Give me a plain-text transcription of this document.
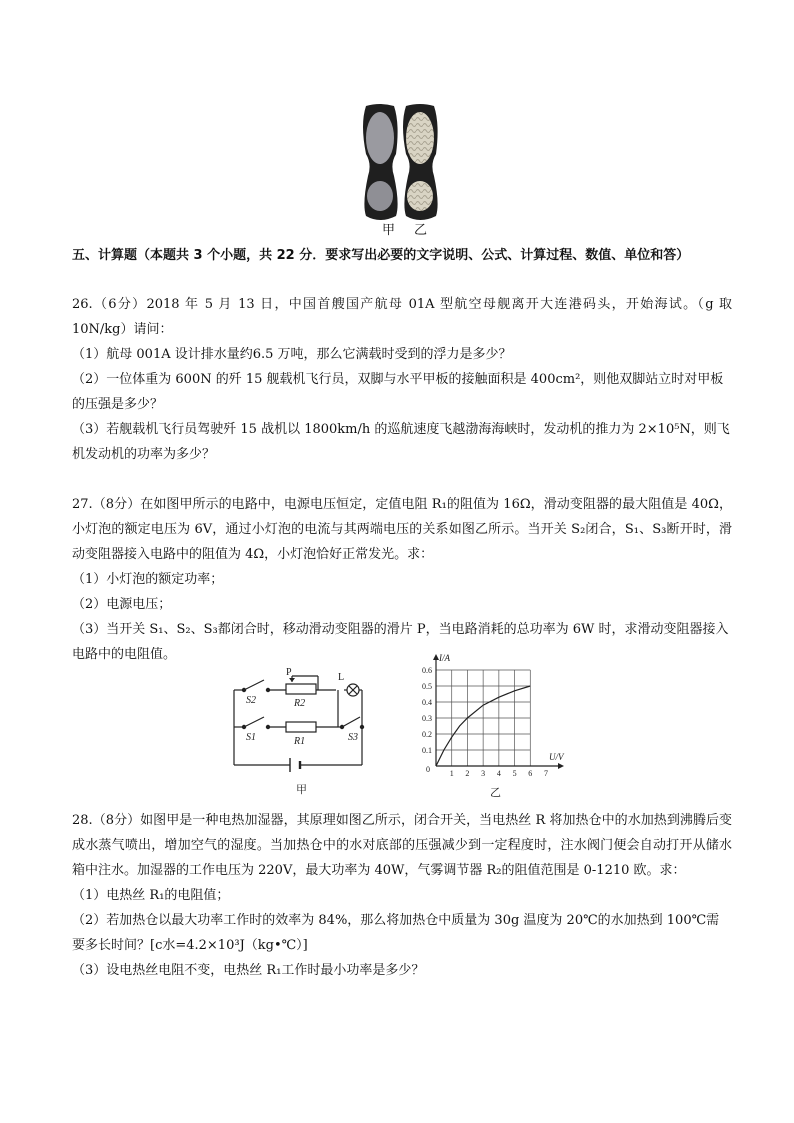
甲 乙
五、计算题（本题共 3 个小题，共 22 分．要求写出必要的文字说明、公式、计算过程、数值、单位和答）

26.（6分）2018 年 5 月 13 日，中国首艘国产航母 01A 型航空母舰离开大连港码头，开始海试。（g 取 10N/kg）请问：

（1）航母 001A 设计排水量约6.5 万吨，那么它满载时受到的浮力是多少？

（2）一位体重为 600N 的歼 15 舰载机飞行员，双脚与水平甲板的接触面积是 400cm²，则他双脚站立时对甲板的压强是多少？

（3）若舰载机飞行员驾驶歼 15 战机以 1800km/h 的巡航速度飞越渤海海峡时，发动机的推力为 2×10⁵N，则飞机发动机的功率为多少？

27.（8分）在如图甲所示的电路中，电源电压恒定，定值电阻 R₁的阻值为 16Ω，滑动变阻器的最大阻值是 40Ω，小灯泡的额定电压为 6V，通过小灯泡的电流与其两端电压的关系如图乙所示。当开关 S₂闭合，S₁、S₃断开时，滑动变阻器接入电路中的阻值为 4Ω，小灯泡恰好正常发光。求：

（1）小灯泡的额定功率；

（2）电源电压；

（3）当开关 S₁、S₂、S₃都闭合时，移动滑动变阻器的滑片 P，当电路消耗的总功率为 6W 时，求滑动变阻器接入电路中的电阻值。

S2
S1	S3
R2
R1
P	L
甲
0.1
0.2
0.3
0.4
0.5
0.6
1 2 3 4 5 6 7
I/A
U/V
0
乙

28.（8分）如图甲是一种电热加湿器，其原理如图乙所示，闭合开关，当电热丝 R 将加热仓中的水加热到沸腾后变成水蒸气喷出，增加空气的湿度。当加热仓中的水对底部的压强减少到一定程度时，注水阀门便会自动打开从储水箱中注水。加湿器的工作电压为 220V，最大功率为 40W，气雾调节器 R₂的阻值范围是 0-1210 欧。求：

（1）电热丝 R₁的电阻值；

（2）若加热仓以最大功率工作时的效率为 84%，那么将加热仓中质量为 30g 温度为 20℃的水加热到 100℃需要多长时间？[c水=4.2×10³J（kg•℃）]

（3）设电热丝电阻不变，电热丝 R₁工作时最小功率是多少？
